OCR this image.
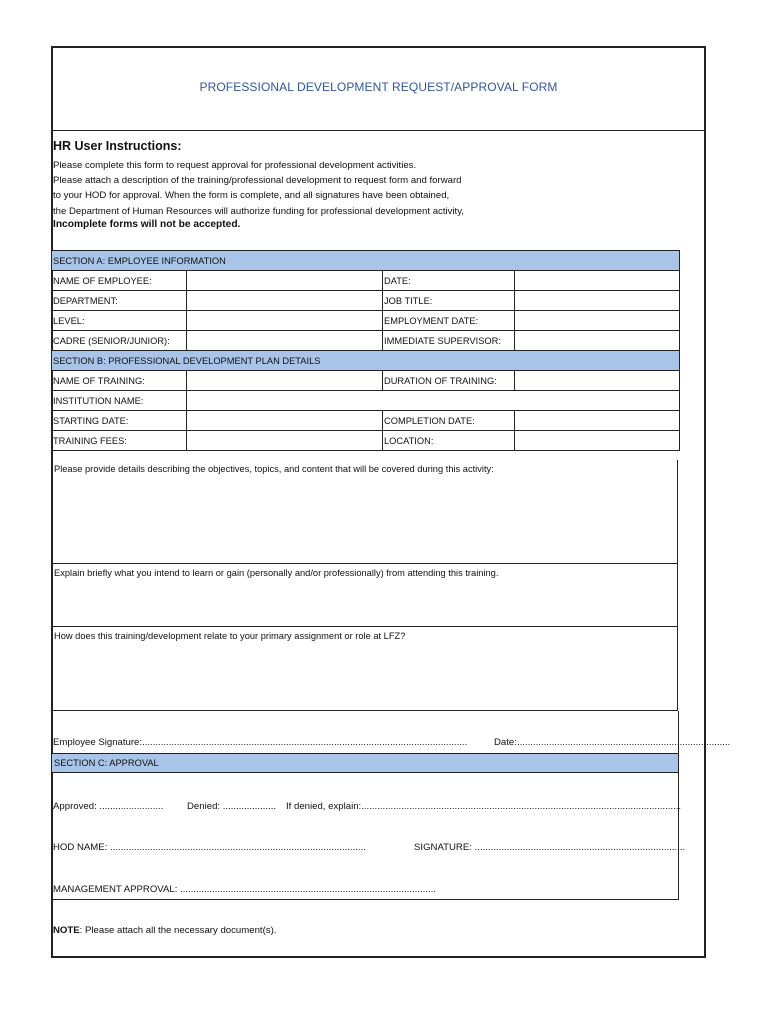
PROFESSIONAL DEVELOPMENT REQUEST/APPROVAL FORM
HR User Instructions:
Please complete this form to request approval for professional development activities.
Please attach a description of the training/professional development to request form and forward
to your HOD for approval. When the form is complete, and all signatures have been obtained,
the Department of Human Resources will authorize funding for professional development activity,
Incomplete forms will not be accepted.
SECTION A: EMPLOYEE INFORMATION			
NAME OF EMPLOYEE:		DATE:	
DEPARTMENT:		JOB TITLE:	
LEVEL:		EMPLOYMENT DATE:	
CADRE (SENIOR/JUNIOR):		IMMEDIATE SUPERVISOR:	
SECTION B: PROFESSIONAL DEVELOPMENT PLAN DETAILS			
NAME OF TRAINING:		DURATION OF TRAINING:	
INSTITUTION NAME:			
STARTING DATE:		COMPLETION DATE:	
TRAINING FEES:		LOCATION:	
Please provide details describing the objectives, topics, and content that will be covered during this activity:
Explain briefly what you intend to learn or gain (personally and/or professionally) from attending this training.
How does this training/development relate to your primary assignment or role at LFZ?
Employee Signature:..........................................................................................................................	Date:................................................................................
SECTION C: APPROVAL
Approved: ........................	Denied: ....................	If denied, explain:........................................................................................................................
HOD NAME: ................................................................................................	SIGNATURE: ...............................................................................
MANAGEMENT APPROVAL: ................................................................................................
NOTE: Please attach all the necessary document(s).
